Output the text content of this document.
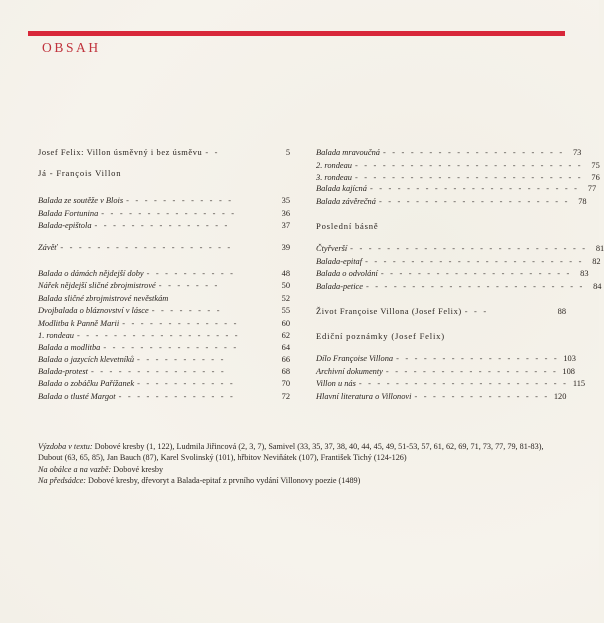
OBSAH
Josef Felix: Villon úsměvný i bez úsměvu - -	5
Já - François Villon
Balada ze soutěže v Blois - - - - - - - - - - - -	35
Balada Fortunina - - - - - - - - - - - - - - -	36
Balada-epištola - - - - - - - - - - - - - - -	37
Závěť - - - - - - - - - - - - - - - - - - -	39
Balada o dámách nějdejší doby - - - - - - - - - -	48
Nářek nějdejší sličné zbrojmistrové - - - - - - -	50
Balada sličné zbrojmistrové nevěstkám	52
Dvojbalada o bláznovství v lásce - - - - - - - -	55
Modlitba k Panně Marii - - - - - - - - - - - - -	60
1. rondeau - - - - - - - - - - - - - - - - - -	62
Balada a modlitba - - - - - - - - - - - - - - -	64
Balada o jazycích klevetníků - - - - - - - - - -	66
Balada-protest - - - - - - - - - - - - - - -	68
Balada o zobáčku Pařížanek - - - - - - - - - - -	70
Balada o tlusté Margot - - - - - - - - - - - - -	72
Balada mravoučná - - - - - - - - - - - - - - - - - - - -	73
2. rondeau - - - - - - - - - - - - - - - - - - - - - - - - -	75
3. rondeau - - - - - - - - - - - - - - - - - - - - - - - - -	76
Balada kajícná - - - - - - - - - - - - - - - - - - - - - - -	77
Balada závěrečná - - - - - - - - - - - - - - - - - - - - -	78
Poslední básně
Čtyřverší - - - - - - - - - - - - - - - - - - - - - - - - - -	81
Balada-epitaf - - - - - - - - - - - - - - - - - - - - - - - -	82
Balada o odvolání - - - - - - - - - - - - - - - - - - - - -	83
Balada-petice - - - - - - - - - - - - - - - - - - - - - - - -	84
Život Françoise Villona (Josef Felix) - - -	88
Ediční poznámky (Josef Felix)
Dílo Françoise Villona - - - - - - - - - - - - - - - - - - 103
Archivní dokumenty - - - - - - - - - - - - - - - - - - - 108
Villon u nás - - - - - - - - - - - - - - - - - - - - - - - 115
Hlavní literatura o Villonovi - - - - - - - - - - - - - - - 120

Výzdoba v textu: Dobové kresby (1, 122), Ludmila Jiřincová (2, 3, 7), Samivel (33, 35, 37, 38, 40, 44, 45, 49, 51-53, 57, 61, 62, 69, 71, 73, 77, 79, 81-83), Dubout (63, 65, 85), Jan Bauch (87), Karel Svolinský (101), hřbitov Neviňátek (107), František Tichý (124-126)

Na obálce a na vazbě: Dobové kresby

Na předsádce: Dobové kresby, dřevoryt a Balada-epitaf z prvního vydání Villonovy poezie (1489)
